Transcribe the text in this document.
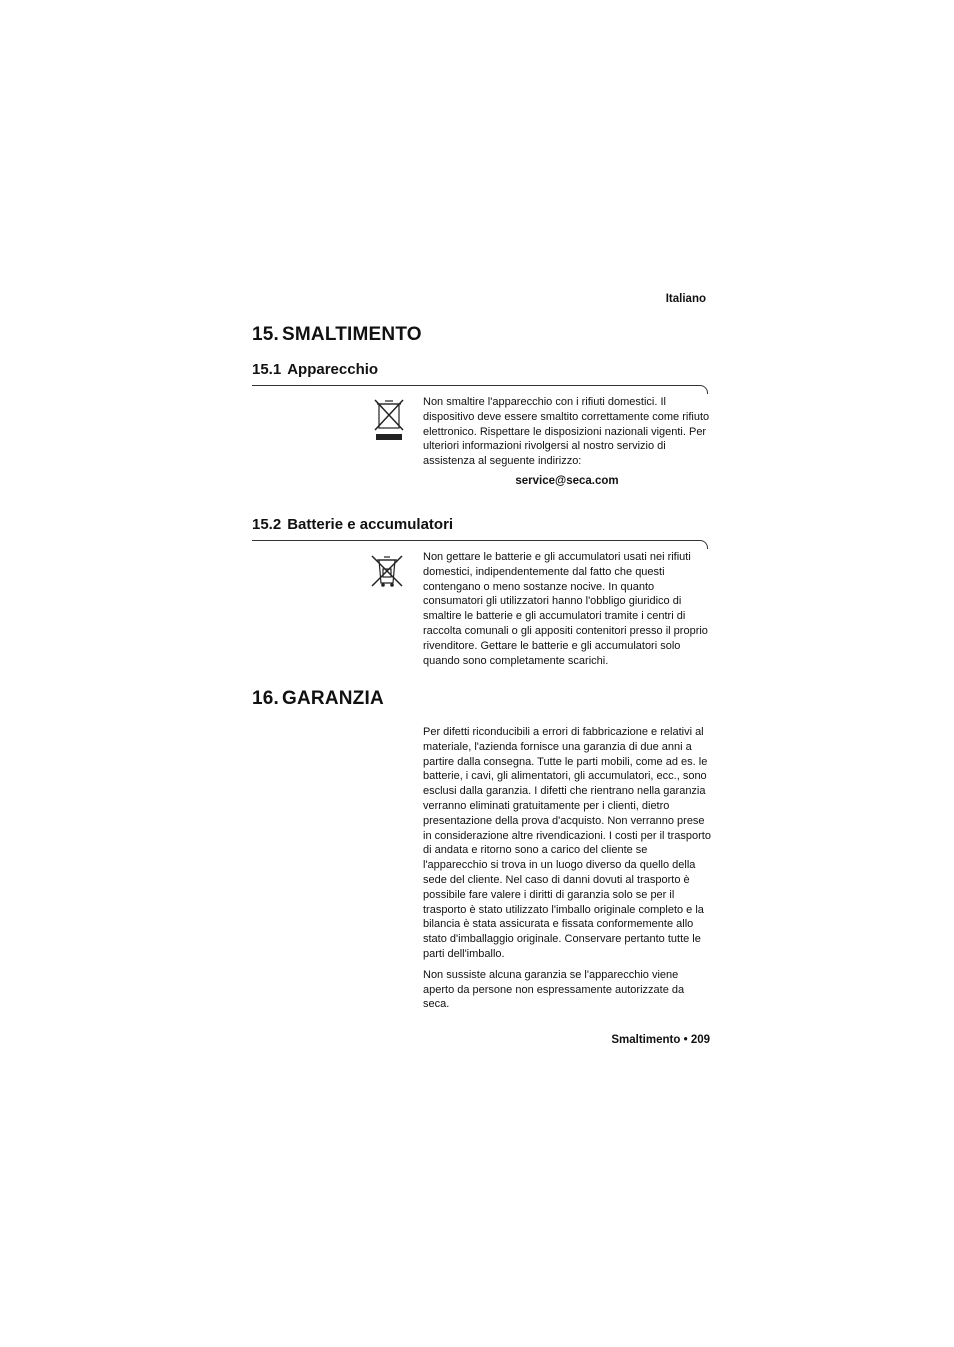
Italiano
15. SMALTIMENTO
15.1 Apparecchio

Non smaltire l'apparecchio con i rifiuti domestici. Il dispositivo deve essere smaltito correttamente come rifiuto elettronico. Rispettare le disposizioni nazionali vigenti. Per ulteriori informazioni rivolgersi al nostro servizio di assistenza al seguente indirizzo:

service@seca.com
15.2 Batterie e accumulatori

Non gettare le batterie e gli accumulatori usati nei rifiuti domestici, indipendentemente dal fatto che questi contengano o meno sostanze nocive. In quanto consumatori gli utilizzatori hanno l'obbligo giuridico di smaltire le batterie e gli accumulatori tramite i centri di raccolta comunali o gli appositi contenitori presso il proprio rivenditore. Gettare le batterie e gli accumulatori solo quando sono completamente scarichi.

16. GARANZIA

Per difetti riconducibili a errori di fabbricazione e relativi al materiale, l'azienda fornisce una garanzia di due anni a partire dalla consegna. Tutte le parti mobili, come ad es. le batterie, i cavi, gli alimentatori, gli accumulatori, ecc., sono esclusi dalla garanzia. I difetti che rientrano nella garanzia verranno eliminati gratuitamente per i clienti, dietro presentazione della prova d'acquisto. Non verranno prese in considerazione altre rivendicazioni. I costi per il trasporto di andata e ritorno sono a carico del cliente se l'apparecchio si trova in un luogo diverso da quello della sede del cliente. Nel caso di danni dovuti al trasporto è possibile fare valere i diritti di garanzia solo se per il trasporto è stato utilizzato l'imballo originale completo e la bilancia è stata assicurata e fissata conformemente allo stato d'imballaggio originale. Conservare pertanto tutte le parti dell'imballo.

Non sussiste alcuna garanzia se l'apparecchio viene aperto da persone non espressamente autorizzate da seca.

Smaltimento • 209
